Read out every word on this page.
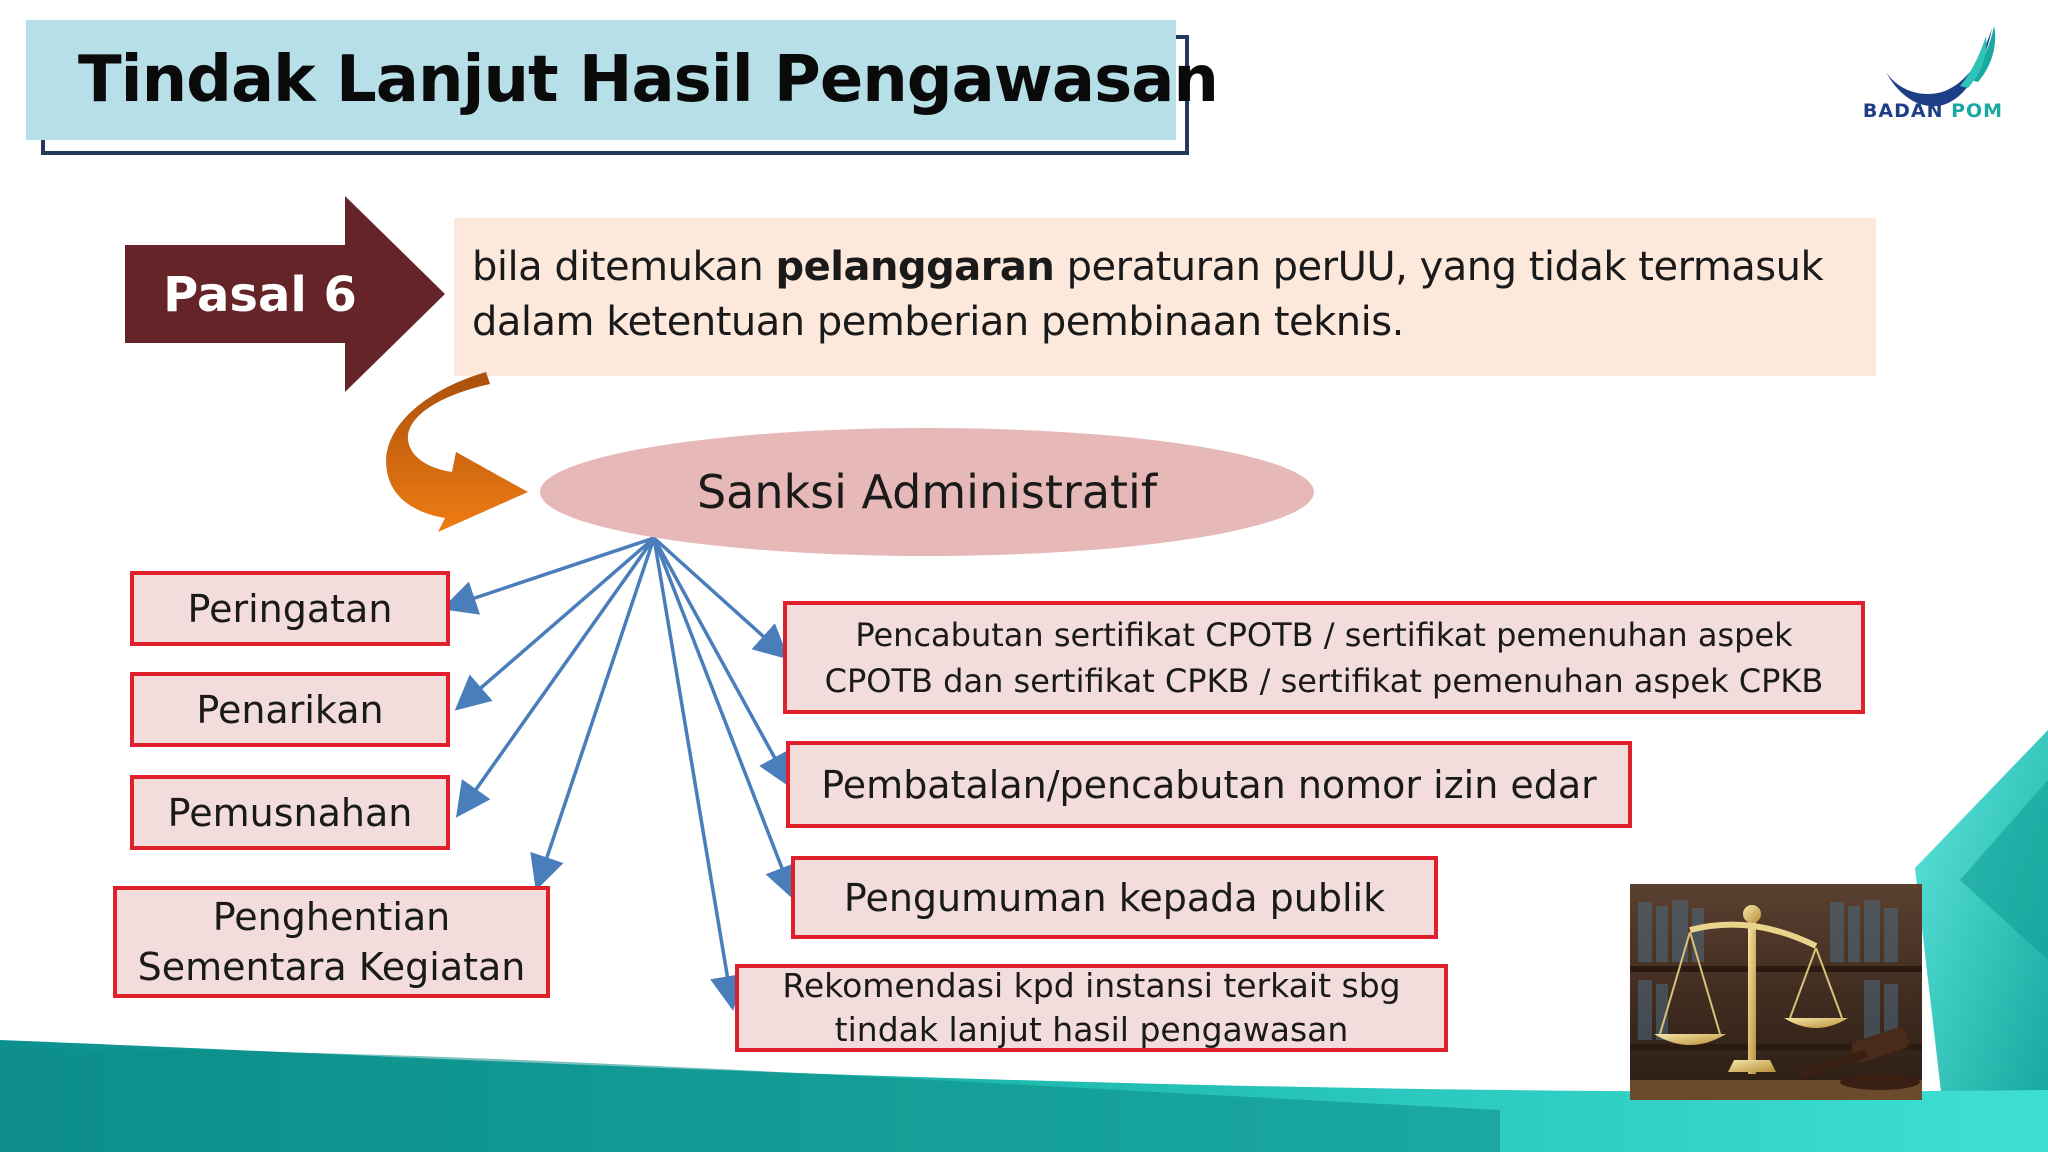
Tindak Lanjut Hasil Pengawasan	BADAN POM
Pasal 6	bila ditemukan pelanggaran peraturan perUU, yang tidak termasuk dalam ketentuan pemberian pembinaan teknis.
Sanksi Administratif
Peringatan
Penarikan
Pemusnahan
Penghentian Sementara Kegiatan
Pencabutan sertifikat CPOTB / sertifikat pemenuhan aspek CPOTB dan sertifikat CPKB / sertifikat pemenuhan aspek CPKB
Pembatalan/pencabutan nomor izin edar
Pengumuman kepada publik
Rekomendasi kpd instansi terkait sbg tindak lanjut hasil pengawasan
